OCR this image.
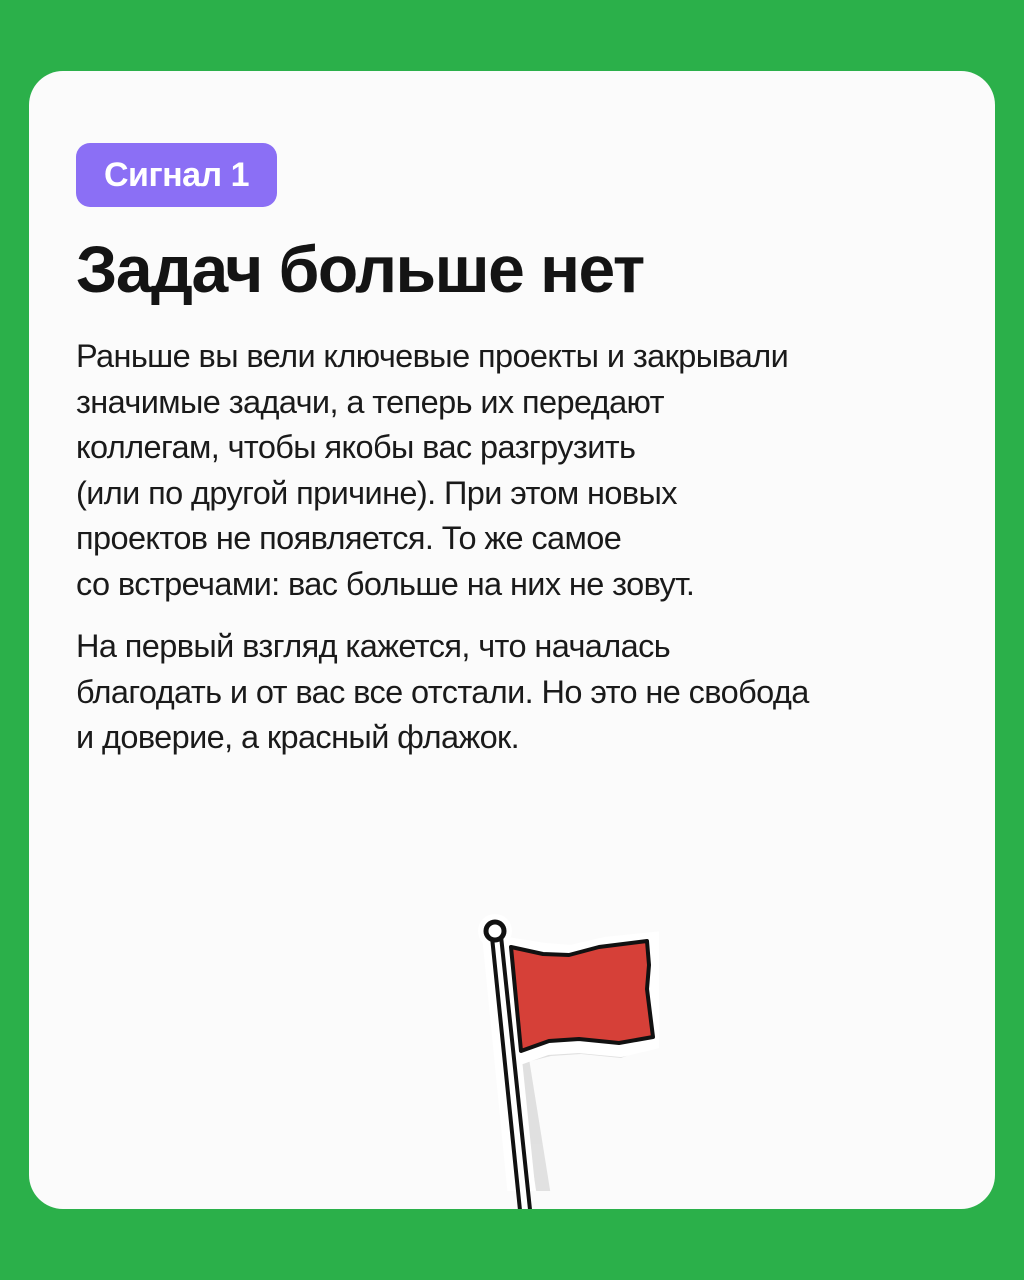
Сигнал 1
Задач больше нет

Раньше вы вели ключевые проекты и закрывали
значимые задачи, а теперь их передают
коллегам, чтобы якобы вас разгрузить
(или по другой причине). При этом новых
проектов не появляется. То же самое
со встречами: вас больше на них не зовут.

На первый взгляд кажется, что началась
благодать и от вас все отстали. Но это не свобода
и доверие, а красный флажок.
